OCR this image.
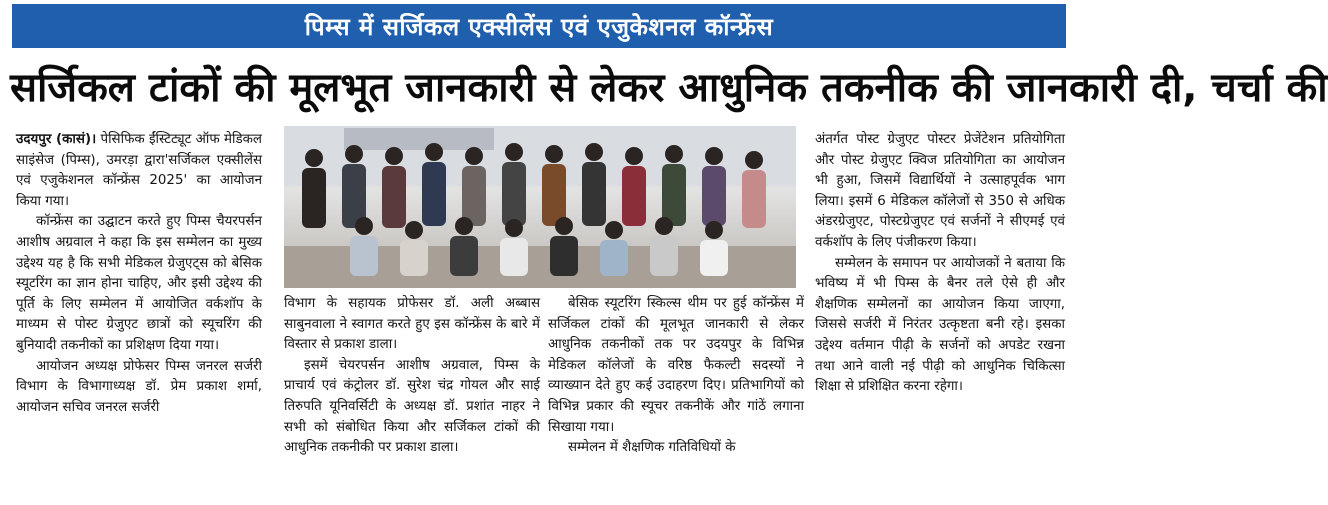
पिम्स में सर्जिकल एक्सीलेंस एवं एजुकेशनल कॉन्फ्रेंस
सर्जिकल टांकों की मूलभूत जानकारी से लेकर आधुनिक तकनीक की जानकारी दी, चर्चा की

उदयपुर (कासं)। पेसिफिक ईंस्टिट्यूट ऑफ मेडिकल साइंसेज (पिम्स), उमरड़ा द्वारा'सर्जिकल एक्सीलेंस एवं एजुकेशनल कॉन्फ्रेंस 2025' का आयोजन किया गया।

कॉन्फ्रेंस का उद्घाटन करते हुए पिम्स चैयरपर्सन आशीष अग्रवाल ने कहा कि इस सम्मेलन का मुख्य उद्देश्य यह है कि सभी मेडिकल ग्रेजुएट्स को बेसिक स्यूटरिंग का ज्ञान होना चाहिए, और इसी उद्देश्य की पूर्ति के लिए सम्मेलन में आयोजित वर्कशॉप के माध्यम से पोस्ट ग्रेजुएट छात्रों को स्यूचरिंग की बुनियादी तकनीकों का प्रशिक्षण दिया गया।

आयोजन अध्यक्ष प्रोफेसर पिम्स जनरल सर्जरी विभाग के विभागाध्यक्ष डॉ. प्रेम प्रकाश शर्मा, आयोजन सचिव जनरल सर्जरी

विभाग के सहायक प्रोफेसर डॉ. अली अब्बास साबुनवाला ने स्वागत करते हुए इस कॉन्फ्रेंस के बारे में विस्तार से प्रकाश डाला।

इसमें चेयरपर्सन आशीष अग्रवाल, पिम्स के प्राचार्य एवं कंट्रोलर डॉ. सुरेश चंद्र गोयल और साई तिरुपति यूनिवर्सिटी के अध्यक्ष डॉ. प्रशांत नाहर ने सभी को संबोधित किया और सर्जिकल टांकों की आधुनिक तकनीकी पर प्रकाश डाला।

बेसिक स्यूटरिंग स्किल्स थीम पर हुई कॉन्फ्रेंस में सर्जिकल टांकों की मूलभूत जानकारी से लेकर आधुनिक तकनीकों तक पर उदयपुर के विभिन्न मेडिकल कॉलेजों के वरिष्ठ फैकल्टी सदस्यों ने व्याख्यान देते हुए कई उदाहरण दिए। प्रतिभागियों को विभिन्न प्रकार की स्यूचर तकनीकें और गांठें लगाना सिखाया गया।

सम्मेलन में शैक्षणिक गतिविधियों के

अंतर्गत पोस्ट ग्रेजुएट पोस्टर प्रेजेंटेशन प्रतियोगिता और पोस्ट ग्रेजुएट क्विज प्रतियोगिता का आयोजन भी हुआ, जिसमें विद्यार्थियों ने उत्साहपूर्वक भाग लिया। इसमें 6 मेडिकल कॉलेजों से 350 से अधिक अंडरग्रेजुएट, पोस्टग्रेजुएट एवं सर्जनों ने सीएमई एवं वर्कशॉप के लिए पंजीकरण किया।

सम्मेलन के समापन पर आयोजकों ने बताया कि भविष्य में भी पिम्स के बैनर तले ऐसे ही और शैक्षणिक सम्मेलनों का आयोजन किया जाएगा, जिससे सर्जरी में निरंतर उत्कृष्टता बनी रहे। इसका उद्देश्य वर्तमान पीढ़ी के सर्जनों को अपडेट रखना तथा आने वाली नई पीढ़ी को आधुनिक चिकित्सा शिक्षा से प्रशिक्षित करना रहेगा।
